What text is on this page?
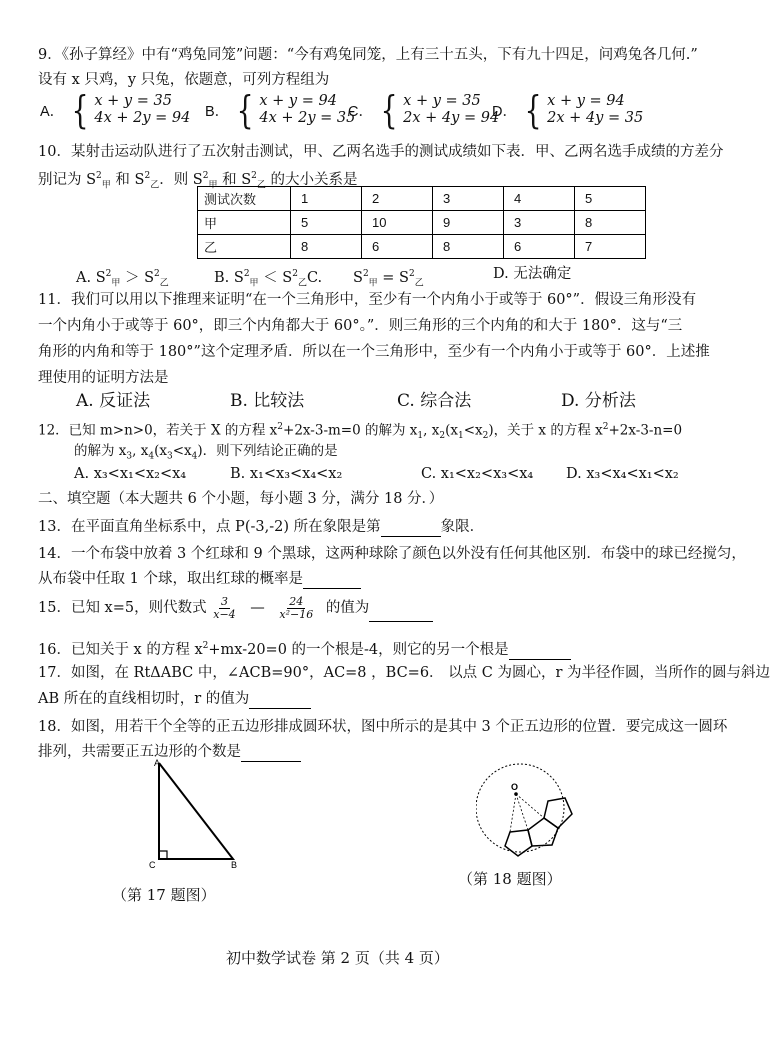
9．《孙子算经》中有“鸡兔同笼”问题：“今有鸡兔同笼，上有三十五头，下有九十四足，问鸡兔各几何.”
设有 x 只鸡，y 只兔，依题意，可列方程组为
A． { x + y = 35
4x + 2y = 94 B． { x + y = 94
4x + 2y = 35
C． { x + y = 35
2x + 4y = 94
D． { x + y = 94
2x + 4y = 35
10．某射击运动队进行了五次射击测试，甲、乙两名选手的测试成绩如下表．甲、乙两名选手成绩的方差分
别记为 $S^2_甲$ 和 $S^2_乙$．则 $S^2_甲$ 和 $S^2_乙$ 的大小关系是
测试次数	1	2	3	4	5
甲	5	10	9	3	8
乙	8	6	8	6	7
A. $S^2_甲 > S^2_乙$	B. $S^2_甲 < S^2_乙C$. $S^2_甲 = S^2_乙$
D. 无法确定
11．我们可以用以下推理来证明“在一个三角形中，至少有一个内角小于或等于 60°”．假设三角形没有
一个内角小于或等于 60°，即三个内角都大于 60°。”．则三角形的三个内角的和大于 180°．这与“三
角形的内角和等于 180°”这个定理矛盾．所以在一个三角形中，至少有一个内角小于或等于 60°．上述推
理使用的证明方法是
A. 反证法	B. 比较法	C. 综合法	D. 分析法
12．已知 m>n>0，若关于 X 的方程 $x^2+2x-3-m=0$ 的解为 $x_1$, $x_2(x_1<x_2)$，关于 x 的方程 $x^2+2x-3-n=0$
的解为 $x_3$, $x_4(x_3<x_4)$．则下列结论正确的是
A. x₃<x₁<x₂<x₄	B. x₁<x₃<x₄<x₂	C. x₁<x₂<x₃<x₄ D. x₃<x₄<x₁<x₂
二、填空题（本大题共 6 个小题，每小题 3 分，满分 18 分．）
13．在平面直角坐标系中，点 P(-3,-2) 所在象限是第	象限．
14．一个布袋中放着 3 个红球和 9 个黑球，这两种球除了颜色以外没有任何其他区别．布袋中的球已经搅匀，
从布袋中任取 1 个球，取出红球的概率是
15．已知 x=5，则代数式 $\frac{3}{x-4}$ — $\frac{24}{\text{x²−16}}$ 的值为
16．已知关于 x 的方程 $x^2+mx-20=0$ 的一个根是-4，则它的另一个根是
17．如图，在 RtΔABC 中，∠ACB=90°，AC=8 ，BC=6． 以点 C 为圆心，r 为半径作圆，当所作的圆与斜边
AB 所在的直线相切时，r 的值为
18．如图，用若干个全等的正五边形排成圆环状，图中所示的是其中 3 个正五边形的位置．要完成这一圆环
排列，共需要正五边形的个数是
A
C	B
（第 17 题图）
O
（第 18 题图）
初中数学试卷 第 2 页（共 4 页）
